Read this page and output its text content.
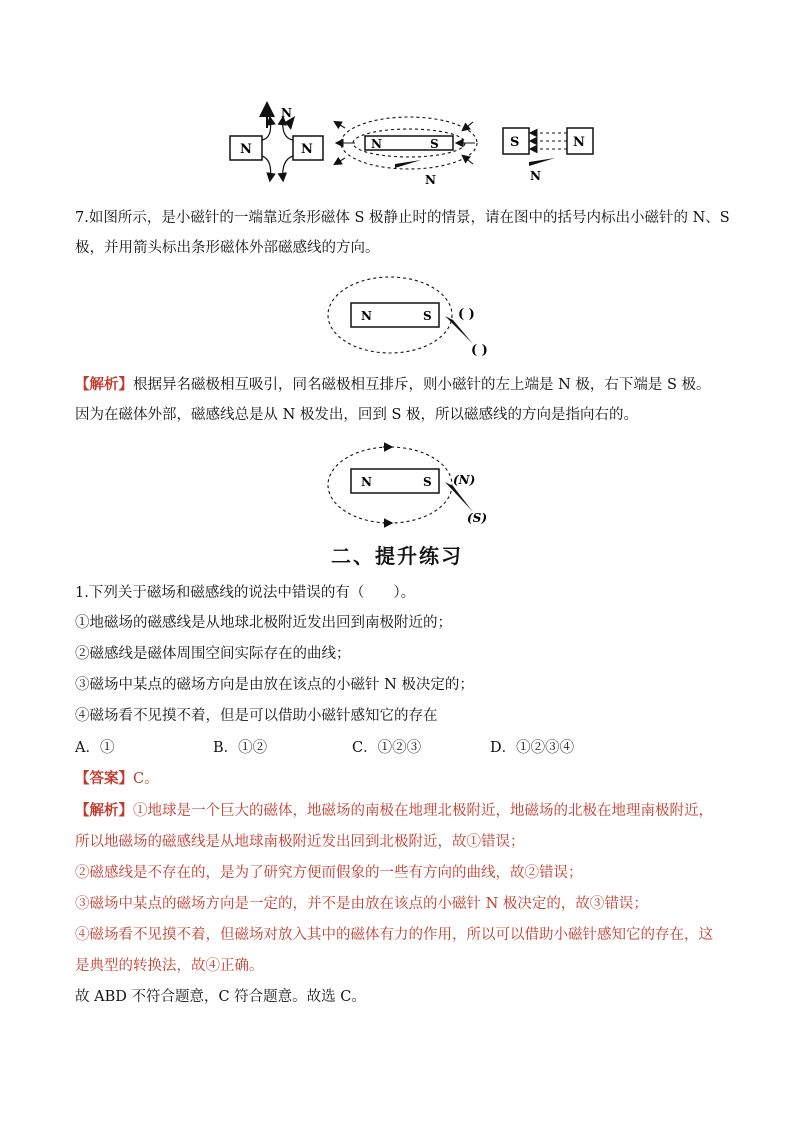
N	N
N
N	S
N
S	N
N
7.如图所示，是小磁针的一端靠近条形磁体 S 极静止时的情景，请在图中的括号内标出小磁针的 N、S
极，并用箭头标出条形磁体外部磁感线的方向。
N	S ( )
( )
【解析】根据异名磁极相互吸引，同名磁极相互排斥，则小磁针的左上端是 N 极，右下端是 S 极。
因为在磁体外部，磁感线总是从 N 极发出，回到 S 极，所以磁感线的方向是指向右的。
N	S (N)
(S)
二、提升练习
1.下列关于磁场和磁感线的说法中错误的有（　　）。
①地磁场的磁感线是从地球北极附近发出回到南极附近的；
②磁感线是磁体周围空间实际存在的曲线；
③磁场中某点的磁场方向是由放在该点的小磁针 N 极决定的；
④磁场看不见摸不着，但是可以借助小磁针感知它的存在
A．①	B．①②	C．①②③	D．①②③④
【答案】C。
【解析】①地球是一个巨大的磁体，地磁场的南极在地理北极附近，地磁场的北极在地理南极附近，
所以地磁场的磁感线是从地球南极附近发出回到北极附近，故①错误；
②磁感线是不存在的，是为了研究方便而假象的一些有方向的曲线，故②错误；
③磁场中某点的磁场方向是一定的，并不是由放在该点的小磁针 N 极决定的，故③错误；
④磁场看不见摸不着，但磁场对放入其中的磁体有力的作用，所以可以借助小磁针感知它的存在，这
是典型的转换法，故④正确。
故 ABD 不符合题意，C 符合题意。故选 C。
